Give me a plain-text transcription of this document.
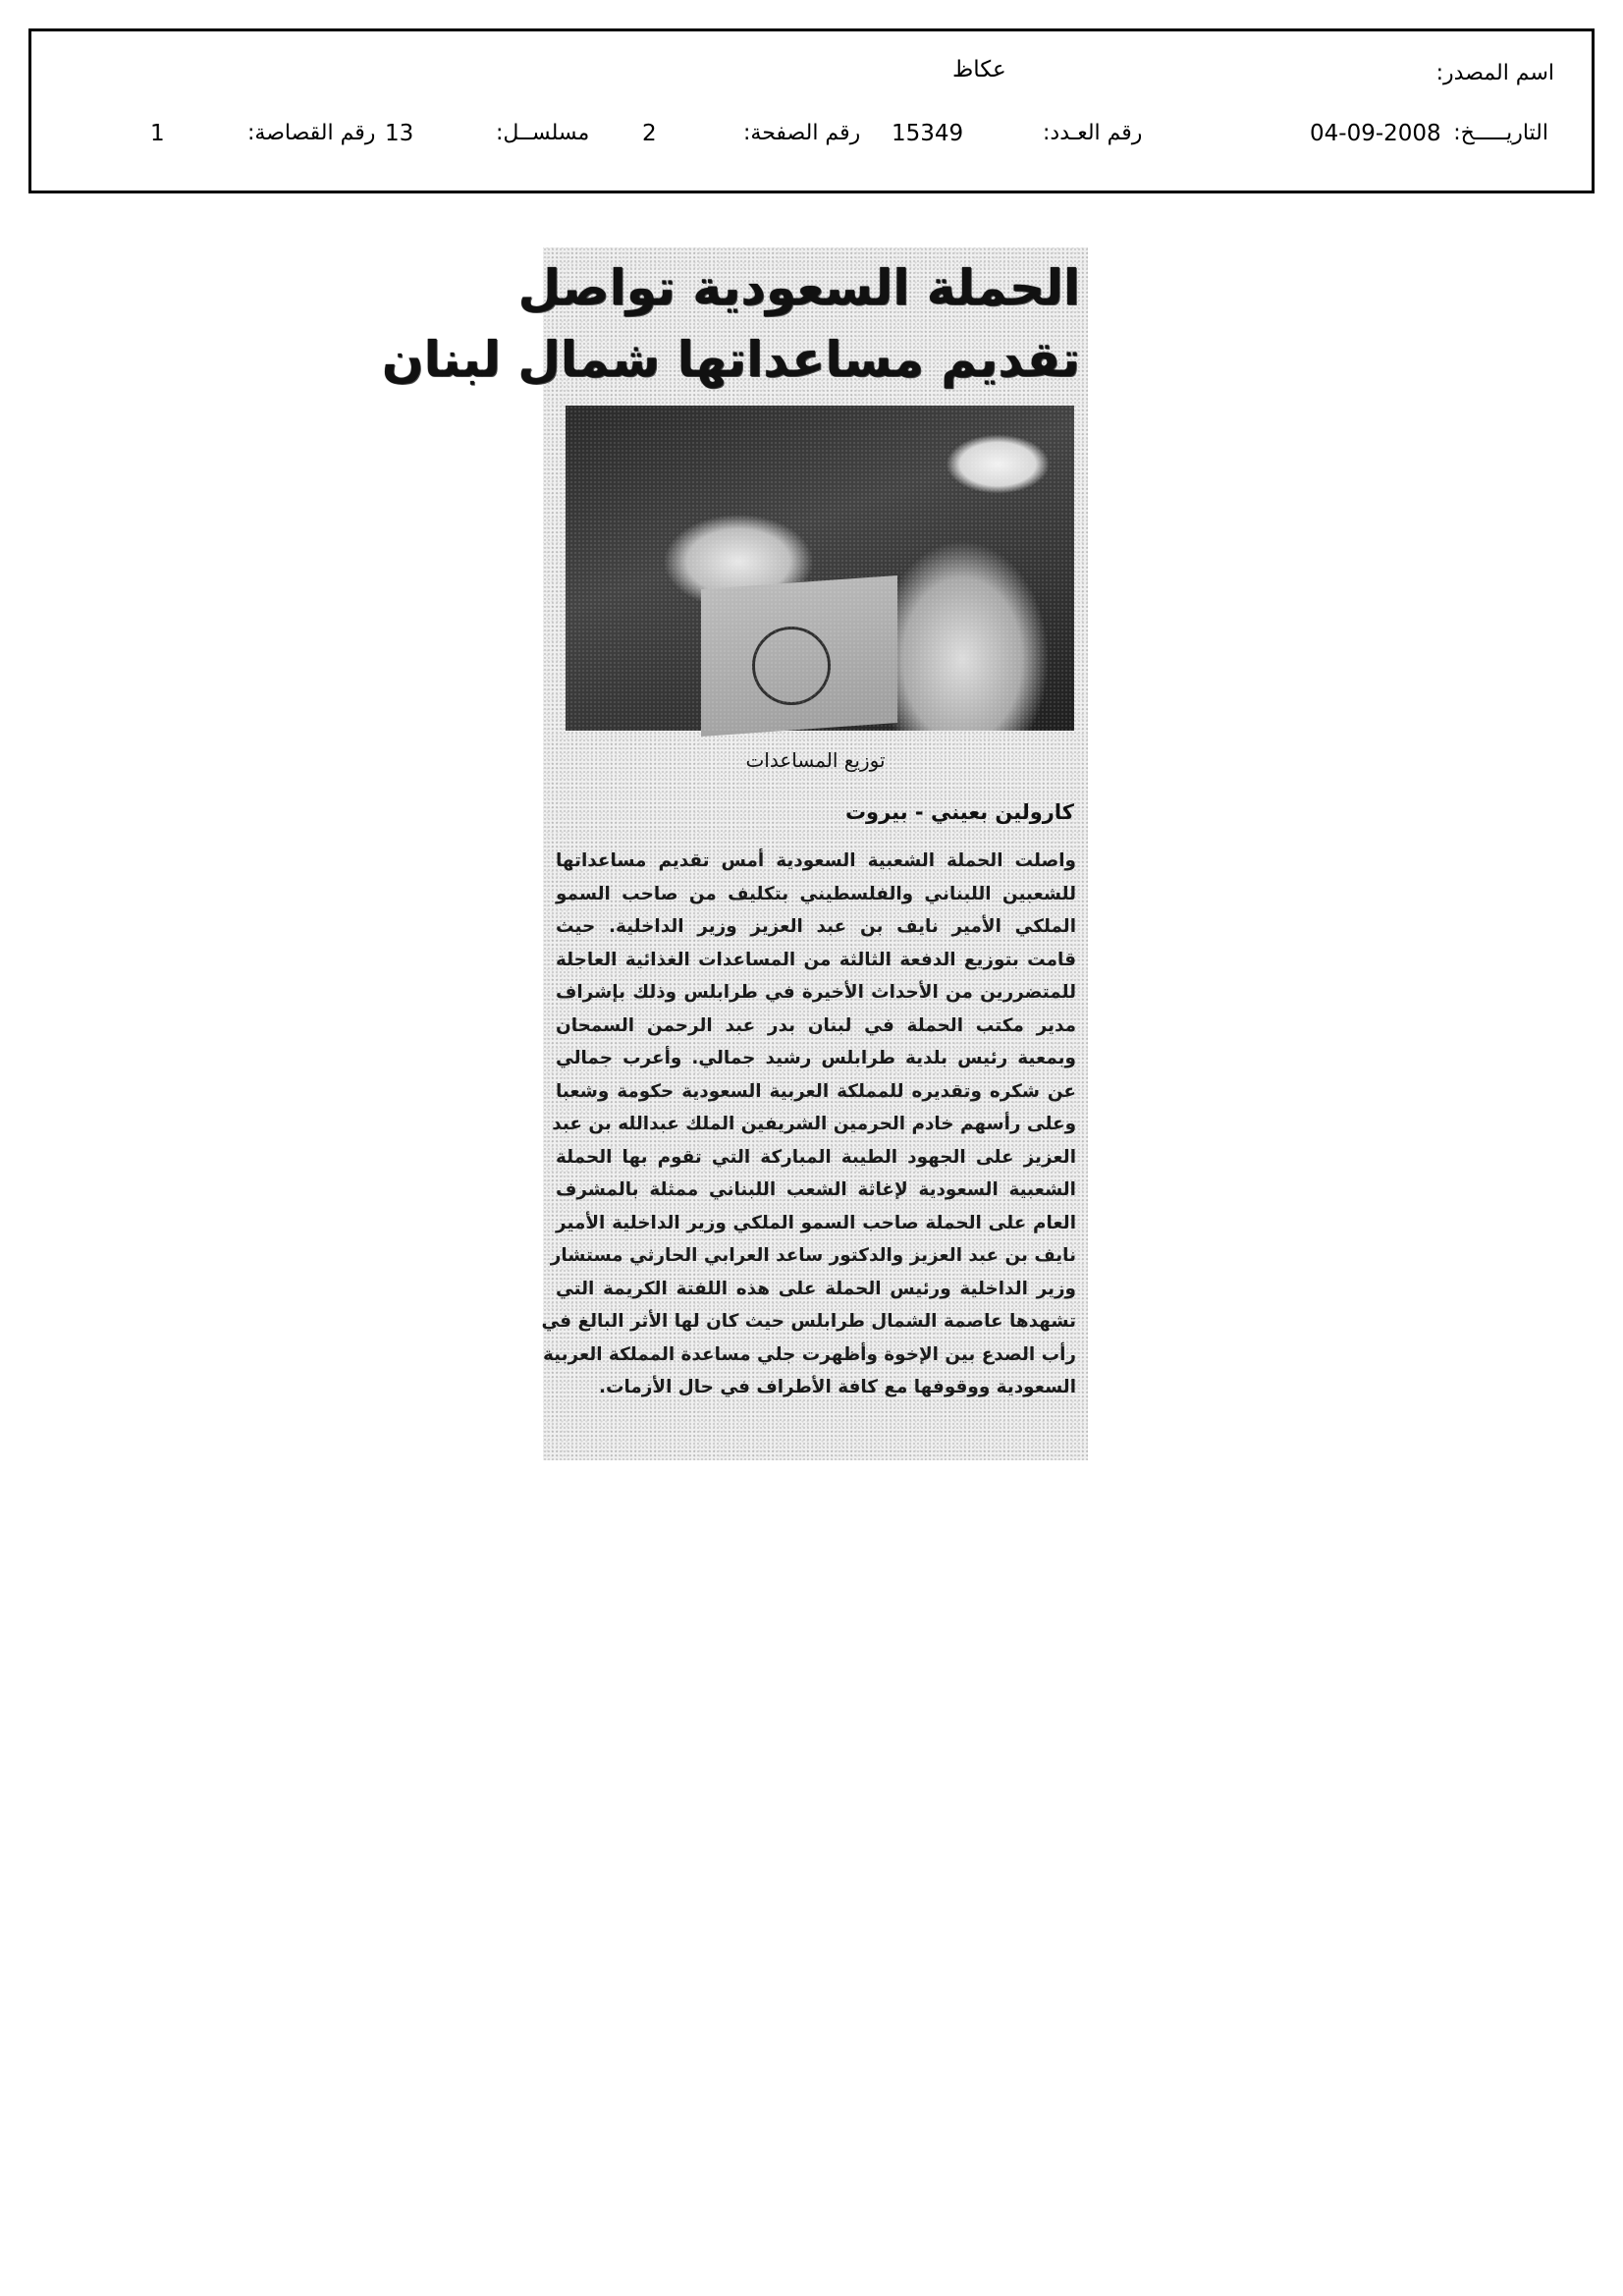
اسم المصدر:
عكاظ
التاريـــــخ:
04-09-2008
رقم العـدد:
15349
رقم الصفحة:
2
مسلســل:
13
رقم القصاصة:
1
الحملة السعودية تواصل
تقديم مساعداتها شمال لبنان
توزيع المساعدات
كارولين بعيني - بيروت
واصلت الحملة الشعبية السعودية أمس تقديم مساعداتها
للشعبين اللبناني والفلسطيني بتكليف من صاحب السمو
الملكي الأمير نايف بن عبد العزيز وزير الداخلية. حيث
قامت بتوزيع الدفعة الثالثة من المساعدات الغذائية العاجلة
للمتضررين من الأحداث الأخيرة في طرابلس وذلك بإشراف
مدير مكتب الحملة في لبنان بدر عبد الرحمن السمحان
وبمعية رئيس بلدية طرابلس رشيد جمالي. وأعرب جمالي
عن شكره وتقديره للمملكة العربية السعودية حكومة وشعبا
وعلى رأسهم خادم الحرمين الشريفين الملك عبدالله بن عبد
العزيز على الجهود الطيبة المباركة التي تقوم بها الحملة
الشعبية السعودية لإغاثة الشعب اللبناني ممثلة بالمشرف
العام على الحملة صاحب السمو الملكي وزير الداخلية الأمير
نايف بن عبد العزيز والدكتور ساعد العرابي الحارثي مستشار
وزير الداخلية ورئيس الحملة على هذه اللفتة الكريمة التي
تشهدها عاصمة الشمال طرابلس حيث كان لها الأثر البالغ في
رأب الصدع بين الإخوة وأظهرت جلي مساعدة المملكة العربية
السعودية ووقوفها مع كافة الأطراف في حال الأزمات.
